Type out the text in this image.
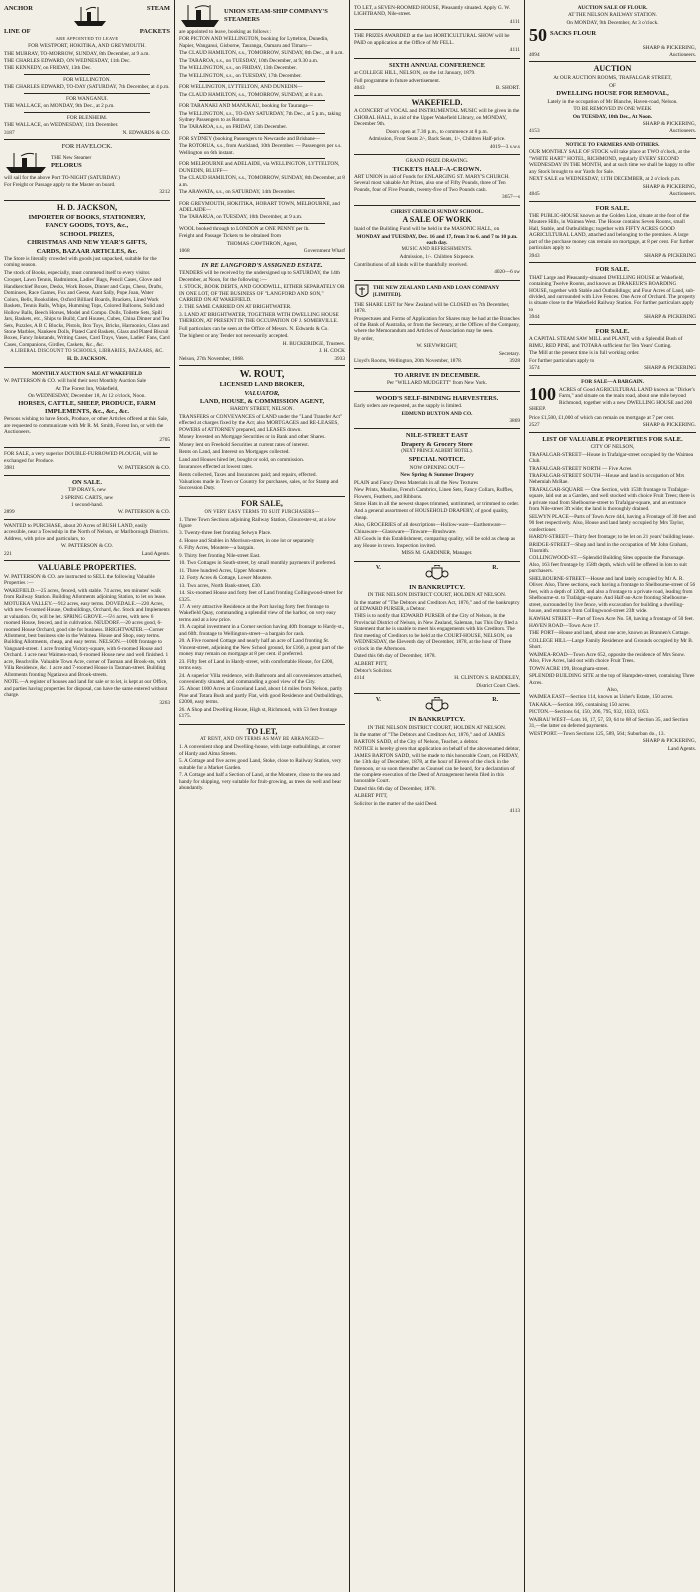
ANCHOR	STEAM
LINE OF	PACKETS

ARE APPOINTED TO LEAVE

FOR WESTPORT, HOKITIKA, AND GREYMOUTH.

THE MURRAY, TO-MORROW, SUNDAY, 8th December, at 9 a.m.

THE CHARLES EDWARD, ON WEDNESDAY, 11th Dec.

THE KENNEDY, on FRIDAY, 13th Dec.

FOR WELLINGTON.

THE CHARLES EDWARD, TO-DAY (SATURDAY, 7th December, at 4 p.m.

FOR WANGANUI.

THE WALLACE, on MONDAY, 9th Dec., at 2 p.m.

FOR BLENHEIM.

THE WALLACE, on WEDNESDAY, 11th December.

3187	N. EDWARDS & CO.

FOR HAVELOCK.

THE New Steamer

PELORUS

will sail for the above Port TO-NIGHT (SATURDAY.)

For Freight or Passage apply to the Master on board.

3212

H. D. JACKSON,

IMPORTER OF BOOKS, STATIONERY,

FANCY GOODS, TOYS, &c.,

SCHOOL PRIZES,

CHRISTMAS AND NEW YEAR'S GIFTS,

CARDS, BAZAAR ARTICLES, &c.

The Store is literally crowded with goods just unpacked, suitable for the coming season.

The stock of Books, especially, must commend itself to every visitor.

Croquet, Lawn Tennis, Badminton, Ladies' Bags, Pencil Cases, Glove and Handkerchief Boxes, Desks, Work Boxes, Dinner and Cups, Chess, Drafts, Dominoes, Race Games, Fox and Geese, Aunt Sally, Pope Joan, Water Colors, Bells, Bookslides, Oxford Billiard Boards, Brackets, Lined Work Baskets, Tennis Balls, Whips, Humming Tops, Colored Balloons, Solid and Hollow Balls, Beech Horses, Model and Compo. Dolls, Toilette Sets, Spill Jars, Baskets, etc., Ships to Build, Card Houses, Cubes, China Dinner and Tea Sets, Puzzles, A B C Blocks, Pistols, Box Toys, Bricks, Harmonics, Glass and Stone Marbles, Nankeen Dolls, Plated Card Baskets, Glass and Plated Biscuit Boxes, Fancy Inkstands, Writing Cases, Card Trays, Vases, Ladies' Fans, Card Cases, Companions, Girdles, Caskets, &c., &c.

A LIBERAL DISCOUNT TO SCHOOLS, LIBRARIES, BAZAARS, &C.

H. D. JACKSON.

MONTHLY AUCTION SALE AT WAKEFIELD

W. PATTERSON & CO. will hold their next Monthly Auction Sale

At The Forest Inn, Wakefield,

On WEDNESDAY, December 18, At 12 o'clock, Noon.

HORSES, CATTLE, SHEEP, PRODUCE, FARM IMPLEMENTS, &c., &c., &c.

Persons wishing to have Stock, Produce, or other Articles offered at this Sale, are requested to communicate with Mr R. M. Smith, Forest Inn, or with the Auctioneers.

2705

FOR SALE, a very superior DOUBLE-FURROWED PLOUGH, will be exchanged for Produce.

3981	W. PATTERSON & CO.

ON SALE.

TIP DRAYS, new

2 SPRING CARTS, new

1 second-hand.

2899	W. PATTERSON & CO.

WANTED to PURCHASE, about 20 Acres of BUSH LAND, easily accessible, near a Township in the North of Nelson, or Marlborough Districts. Address, with price and particulars, to

W. PATTERSON & CO.

221	Land Agents.

VALUABLE PROPERTIES.

W. PATTERSON & CO. are instructed to SELL the following Valuable Properties :—

WAKEFIELD.—25 acres, fenced, with stable. 74 acres, ten minutes' walk from Railway Station. Building Allotments adjoining Station, to let on lease. MOTUEKA VALLEY.—912 acres, easy terms. DOVEDALE.—220 Acres, with new 6-roomed House, Outbuildings, Orchard, &c. Stock and Implements at valuation. Or, will be let. SPRING GROVE.—5½ acres, with new 6 roomed House, fenced, and in cultivation. NEUDORF.—20 acres good, 6-roomed House Orchard, good site for business. BRIGHTWATER.—Corner Allotment, best business site in the Waimea. House and Shop, easy terms. Building Allotments, cheap, and easy terms. NELSON.—100ft frontage to Vanguard-street. 1 acre fronting Victory-square, with 6-roomed House and Orchard. 1 acre near Waimea-road, 6-roomed House new and well finished. 1 acre, Beachville. Valuable Town Acre, corner of Tasman and Brook-sts, with Villa Residence, &c. 1 acre and 7-roomed House in Tasman-street. Building Allotments fronting Ngatiawa and Brook-streets.

NOTE.—A register of houses and land for sale or to let, is kept at our Office, and parties having properties for disposal, can have the same entered without charge.

3263

UNION STEAM-SHIP COMPANY'S STEAMERS

are appointed to leave, booking as follows :

FOR PICTON AND WELLINGTON, booking for Lyttelton, Dunedin, Napier, Wanganui, Gisborne, Tauranga, Oamaru and Timaru—

The CLAUD HAMILTON, s.s., TOMORROW, SUNDAY, 8th Dec., at 8 a.m.

The TARAROA, s.s., on TUESDAY, 10th December, at 9.30 a.m.

The WELLINGTON, s.s., on FRIDAY, 13th December.

The WELLINGTON, s.s., on TUESDAY, 17th December.

FOR WELLINGTON, LYTTELTON, AND DUNEDIN—

The CLAUD HAMILTON, s.s., TOMORROW, SUNDAY, at 8 a.m.

FOR TARANAKI AND MANUKAU, booking for Tauranga—

The WELLINGTON, s.s., TO-DAY SATURDAY, 7th Dec., at 5 p.m., taking Sydney Passengers to as Rotorua.

The TARAROA, s.s., on FRIDAY, 13th December.

FOR SYDNEY (booking Passengers to Newcastle and Brisbane—

The ROTORUA, s.s., from Auckland, 10th December. — Passengers per s.s. Wellington on 6th instant.

FOR MELBOURNE and ADELAIDE, via WELLINGTON, LYTTELTON, DUNEDIN, BLUFF—

The CLAUD HAMILTON, s.s., TOMORROW, SUNDAY, 8th December, at 8 a.m.

The ARAWATA, s.s., on SATURDAY, 14th December.

FOR GREYMOUTH, HOKITIKA, HOBART TOWN, MELBOURNE, and ADELAIDE—

The TARARUA, on TUESDAY, 10th December, at 9 a.m.

WOOL booked through to LONDON at ONE PENNY per lb.

Freight and Passage Tickets to be obtained from

THOMAS CAWTHRON, Agent,

1068	Government Wharf

IN RE LANGFORD'S ASSIGNED ESTATE.

TENDERS will be received by the undersigned up to SATURDAY, the 14th December, at Noon, for the following :—

1. STOCK, BOOK DEBTS, AND GOODWILL, EITHER SEPARATELY OR IN ONE LOT, OF THE BUSINESS OF "LANGFORD AND SON," CARRIED ON AT WAKEFIELD.

2. THE SAME CARRIED ON AT BRIGHTWATER.

3. LAND AT BRIGHTWATER, TOGETHER WITH DWELLING HOUSE THEREON, AT PRESENT IN THE OCCUPATION OF J. SOMERVILLE.

Full particulars can be seen at the Office of Messrs. N. Edwards & Co.

The highest or any Tender not necessarily accepted.

H. BUCKERIDGE, Trustees.

J. H. COCK

Nelson, 27th November, 1868.	3933

W. ROUT,

LICENSED LAND BROKER,

VALUATOR,

LAND, HOUSE, & COMMISSION AGENT,

HARDY STREET, NELSON.

TRANSFERS or CONVEYANCES of LAND under the "Land Transfer Act" effected at charges fixed by the Act; also MORTGAGES and RE-LEASES, POWERS of ATTORNEY prepared, and LEASES drawn.

Money Invested on Mortgage Securities or in Bank and other Shares.

Money lent on Freehold Securities at current rates of interest.

Rents on Land, and Interest on Mortgages collected.

Land and Houses hired let, bought or sold, on commission.

Insurances effected at lowest rates.

Rents collected, Taxes and Insurances paid; and repairs, effected.

Valuations made in Town or Country for purchases, sales, or for Stamp and Succession Duty.

FOR SALE,

ON VERY EASY TERMS TO SUIT PURCHASERS—

1. Three Town Sections adjoining Railway Station, Gloucester-st, at a low figure

3. Twenty-three feet fronting Selwyn Place.

4. House and Stables in Morrison-street, in one lot or separately

6. Fifty Acres, Moutere—a bargain.

9. Thirty feet fronting Nile-street East.

10. Two Cottages in South-street, by small monthly payments if preferred.

11. Three hundred Acres, Upper Moutere.

12. Forty Acres & Cottage, Lower Moutere.

13. Two acres, North Bank-street, £30.

14. Six-roomed House and forty feet of Land fronting Collingwood-street for £325.

17. A very attractive Residence at the Port having forty feet frontage to Wakefield Quay, commanding a splendid view of the harbor, on very easy terms and at a low price.

19. A capital investment in a Corner section having 40ft frontage to Hardy-st., and 60ft. frontage to Wellington-street—a bargain for cash.

20. A Five roomed Cottage and nearly half an acre of Land fronting St. Vincent-street, adjoining the New School ground, for £160, a great part of the money may remain on mortgage at 8 per cent. if preferred.

23. Fifty feet of Land in Hardy-street, with comfortable House, for £200, terms easy.

24. A superior Villa residence, with Bathroom and all conveniences attached, conveniently situated, and commanding a good view of the City.

25. About 1000 Acres at Graceland Land, about 14 miles from Nelson, partly Pine and Totara Bush and partly Flat, with good Residence and Outbuildings, £2000, easy terms.

26. A Shop and Dwelling House, High st, Richmond, with 53 feet frontage £175.

TO LET,

AT RENT, AND ON TERMS AS MAY BE ARRANGED—

1. A convenient shop and Dwelling-house, with large outbuildings, at corner of Hardy and Alma Streets.

5. A Cottage and five acres good Land, Stoke, close to Railway Station, very suitable for a Market Garden.

7. A Cottage and half a Section of Land, at the Moutere, close to the sea and handy for shipping, very suitable for fruit-growing, as trees do well and bear abundantly.

TO LET, a SEVEN-ROOMED HOUSE, Pleasantly situated. Apply G. W. LIGHTBAND, Nile-street.

4111

THE PRIZES AWARDED at the last HORTICULTURAL SHOW will be PAID on application at the Office of Mr FELL.

4111

SIXTH ANNUAL CONFERENCE

at COLLEGE HILL, NELSON, on the 1st January, 1879.

Full programme in future advertisement.

4043	B. SHORT.

WAKEFIELD.

A CONCERT of VOCAL and INSTRUMENTAL MUSIC will be given in the CHORAL HALL, in aid of the Upper Wakefield Library, on MONDAY, December 9th.

Doors open at 7.30 p.m., to commence at 8 p.m.

Admission, Front Seats 2/-, Back Seats, 1/-, Children Half-price.

4019—3 s.w.s

GRAND PRIZE DRAWING.

TICKETS HALF-A-CROWN.

ART UNION in aid of Funds for ENLARGING ST. MARY'S CHURCH. Several most valuable Art Prizes, also one of Fifty Pounds, three of Ten Pounds, four of Five Pounds, twenty-five of Two Pounds cash.

3657—s

CHRIST CHURCH SUNDAY SCHOOL.

A SALE OF WORK

Inaid of the Building Fund will be held in the MASONIC HALL, on

MONDAY and TUESDAY, Dec. 16 and 17, from 3 to 6. and 7 to 10 p.m. each day.

MUSIC AND REFRESHMENTS.

Admission, 1/-. Children Sixpence.

Contributions of all kinds will be thankfully received.

4020—6 sw

THE NEW ZEALAND LAND AND LOAN COMPANY [LIMITED].

THE SHARE LIST for New Zealand will be CLOSED on 7th December, 1878.

Prospectuses and Forms of Application for Shares may be had at the Branches of the Bank of Australia, or from the Secretary, at the Offices of the Company, where the Memorandum and Articles of Association may be seen.

By order,

W. SIEVWRIGHT,

Secretary.

Lloyd's Rooms, Wellington, 20th November, 1878.	3928

TO ARRIVE IN DECEMBER.

Per "WILLARD MUDGETT" from New York.

WOOD'S SELF-BINDING HARVESTERS.

Early orders are requested, as the supply is limited.

EDMUND BUXTON AND CO.

3869

NILE-STREET EAST

Drapery & Grocery Store

(NEXT PRINCE ALBERT HOTEL).

SPECIAL NOTICE.

NOW OPENING OUT—

New Spring & Summer Drapery

PLAIN and Fancy Dress Materials in all the New Textures

New Prints, Muslins, French Cambrics, Linen Sets, Fancy Collars, Ruffles, Flowers, Feathers, and Ribbons.

Straw Hats in all the newest shapes trimmed, untrimmed, or trimmed to order.

And a general assortment of HOUSEHOLD DRAPERY, of good quality, cheap.

Also, GROCERIES of all descriptions—Hollow-ware—Earthenware—Chinaware—Glassware—Tinware—Brushware.

All Goods in this Establishment, comparing quality, will be sold as cheap as any House in town. Inspection invited.

MISS M. GARDINER, Manager.

V.	R.

IN BANKRUPTCY.

IN THE NELSON DISTRICT COURT, HOLDEN AT NELSON.

In the matter of "The Debtors and Creditors Act, 1876," and of the bankruptcy of EDWARD PURSER, a Debtor.

THIS is to notify that EDWARD PURSER of the City of Nelson, in the Provincial District of Nelson, in New Zealand, Saleman, has This Day filed a Statement that he is unable to meet his engagements with his Creditors. The first meeting of Creditors to be held at the COURT-HOUSE, NELSON, on WEDNESDAY, the Eleventh day of December, 1878, at the hour of Three o'clock in the Afternoon.

Dated this 6th day of December, 1878.

ALBERT PITT,

Debtor's Solicitor.

4114	H. CLINTON S. BADDELEY,

District Court Clerk.

V.	R.

IN BANKRUPTCY.

IN THE NELSON DISTRICT COURT, HOLDEN AT NELSON.

In the matter of "The Debtors and Creditors Act, 1876," and of JAMES BARTON SADD, of the City of Nelson, Teacher, a debtor.

NOTICE is hereby given that application on behalf of the abovenamed debtor, JAMES BARTON SADD, will be made to this honorable Court, on FRIDAY, the 13th day of December, 1878, at the hour of Eleven of the clock in the forenoon, or so soon thereafter as Counsel can be heard, for a declaration of the complete execution of the Deed of Arrangement herein filed in this honorable Court.

Dated this 6th day of December, 1878.

ALBERT PITT,

Solicitor in the matter of the said Deed.

4113

AUCTION SALE OF FLOUR.

AT THE NELSON RAILWAY STATION.

On MONDAY, 9th December, At 3 o'clock.

50 SACKS FLOUR

SHARP & PICKERING,

4094	Auctioneers.

AUCTION

At OUR AUCTION ROOMS, TRAFALGAR STREET,

OF

DWELLING HOUSE FOR REMOVAL,

Lately in the occupation of Mr Blanche, Haven-road, Nelson.

TO BE REMOVED IN ONE WEEK

On TUESDAY, 10th Dec., At Noon.

SHARP & PICKERING,

4153	Auctioneers.

NOTICE TO FARMERS AND OTHERS.

OUR MONTHLY SALE OF STOCK will take place at TWO o'clock, at the "WHITE HART" HOTEL, RICHMOND, regularly EVERY SECOND WEDNESDAY IN THE MONTH, and at such time we shall be happy to offer any Stock brought to our Yards for Sale.

NEXT SALE on WEDNESDAY, 11TH DECEMBER, at 2 o'clock p.m.

SHARP & PICKERING,

4045	Auctioneers.

FOR SALE.

THE PUBLIC-HOUSE known as the Golden Lion, situate at the foot of the Moutere Hills, in Waimea West. The House contains Seven Rooms, small Hall, Stable, and Outbuildings; together with FIFTY ACRES GOOD AGRICULTURAL LAND, attached and belonging to the premises. A large part of the purchase money can remain on mortgage, at 8 per cent. For further particulars apply to

3943	SHARP & PICKERING

FOR SALE.

THAT Large and Pleasantly-situated DWELLING HOUSE at Wakefield, containing Twelve Rooms, and known as DRAKEUR'S BOARDING HOUSE, together with Stable and Outbuildings; and Four Acres of Land, sub-divided, and surrounded with Live Fences. One Acre of Orchard. The property is situate close to the Wakefield Railway Station. For further particulars apply to

3944	SHARP & PICKERING

FOR SALE.

A CAPITAL STEAM SAW MILL and PLANT, with a Splendid Bush of RIMU, RED PINE, and TOTARA sufficient for Ten Years' Cutting.

The Mill at the present time is in full working order.

For further particulars apply to

3574	SHARP & PICKERING

FOR SALE—A BARGAIN.

100 ACRES of Good AGRICULTURAL LAND known as "Dicker's Farm," and situate on the main road, about one mile beyond Richmond, together with a new DWELLING HOUSE and 200 SHEEP.

Price £1,500, £1,000 of which can remain on mortgage at 7 per cent.

2527	SHARP & PICKERING.

LIST OF VALUABLE PROPERTIES FOR SALE.

CITY OF NELSON,

TRAFALGAR-STREET—House in Trafalgar-street occupied by the Waimea Club.

TRAFALGAR-STREET NORTH — Five Acres

TRAFALGAR-STREET SOUTH—House and land in occupation of Mrs Nehemiah McRae.

TRAFALGAR-SQUARE — One Section, with 153ft frontage to Trafalgar-square, laid out as a Garden, and well stocked with choice Fruit Trees; there is a private road from Shelbourne-street to Trafalgar-square, and an entrance from Nile-street 3ft wide; the land is thoroughly drained.

SELWYN PLACE—Parts of Town Acre 444, having a Frontage of 30 feet and 90 feet respectively. Also, House and land lately occupied by Mrs Taylor, confectioner.

HARDY-STREET—Thirty feet frontage; to be let on 21 years' building lease.

BRIDGE-STREET—Shop and land in the occupation of Mr John Graham, Tinsmith.

COLLINGWOOD-ST.—Splendid Building Sites opposite the Parsonage. Also, 163 feet frontage by 158ft depth, which will be offered in lots to suit purchasers.

SHELBOURNE-STREET—House and land lately occupied by Mr A. R. Oliver. Also, Three sections, each having a frontage to Shelbourne-street of 56 feet, with a depth of 120ft, and also a frontage to a private road, leading from Shelbourne-st. to Trafalgar-square. And Half-an-Acre fronting Shelbourne-street, surrounded by live fence, with excavation for building a dwelling-house, and entrance from Collingwood-street 23ft wide.

KAWHAI STREET—Part of Town Acre No. 58, having a frontage of 50 feet.

HAVEN ROAD—Town Acre 17.

THE PORT—House and land, about one acre, known as Brannen's Cottage.

COLLEGE HILL—Large Family Residence and Grounds occupied by Mr B. Short.

WAIMEA-ROAD—Town Acre 652, opposite the residence of Mrs Snow. Also, Five Acres, laid out with choice Fruit Trees.

TOWN ACRE 199, Brougham-street.

SPLENDID BUILDING SITE at the top of Hampden-street, containing Three Acres.

Also,

WAIMEA EAST—Section 114, known as Usher's Estate, 150 acres.

TAKAKA.—Section 166, containing 150 acres.

PICTON.—Sections 64, 150, 206, 795, 932, 1033, 1053.

WAIRAU WEST—Lots 16, 17, 57, 59, 64 to 68 of Section 35, and Section 31,—the latter on deferred payments.

WESTPORT.—Town Sections 125, 589, 564; Suburban do., 13.

SHARP & PICKERING,

Land Agents.
